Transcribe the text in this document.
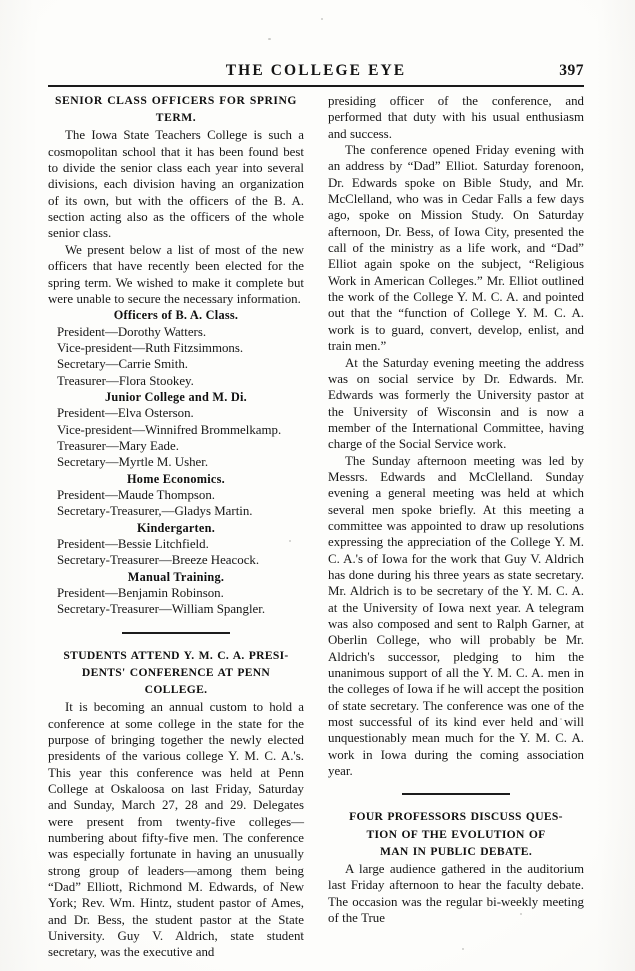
THE COLLEGE EYE	397
SENIOR CLASS OFFICERS FOR SPRING
TERM.

The Iowa State Teachers College is such a cosmopolitan school that it has been found best to divide the senior class each year into several divisions, each division having an organization of its own, but with the officers of the B. A. section acting also as the officers of the whole senior class.

We present below a list of most of the new officers that have recently been elected for the spring term. We wished to make it complete but were unable to secure the necessary information.

Officers of B. A. Class.

President—Dorothy Watters.

Vice-president—Ruth Fitzsimmons.

Secretary—Carrie Smith.

Treasurer—Flora Stookey.

Junior College and M. Di.

President—Elva Osterson.

Vice-president—Winnifred Brommelkamp.

Treasurer—Mary Eade.

Secretary—Myrtle M. Usher.

Home Economics.

President—Maude Thompson.

Secretary-Treasurer,—Gladys Martin.

Kindergarten.

President—Bessie Litchfield.

Secretary-Treasurer—Breeze Heacock.

Manual Training.

President—Benjamin Robinson.

Secretary-Treasurer—William Spangler.

STUDENTS ATTEND Y. M. C. A. PRESI-
DENTS' CONFERENCE AT PENN
COLLEGE.

It is becoming an annual custom to hold a conference at some college in the state for the purpose of bringing together the newly elected presidents of the various college Y. M. C. A.'s. This year this conference was held at Penn College at Oskaloosa on last Friday, Saturday and Sunday, March 27, 28 and 29. Delegates were present from twenty-five colleges—numbering about fifty-five men. The conference was especially fortunate in having an unusually strong group of leaders—among them being “Dad” Elliott, Richmond M. Edwards, of New York; Rev. Wm. Hintz, student pastor of Ames, and Dr. Bess, the student pastor at the State University. Guy V. Aldrich, state student secretary, was the executive and

presiding officer of the conference, and performed that duty with his usual enthusiasm and success.

The conference opened Friday evening with an address by “Dad” Elliot. Saturday forenoon, Dr. Edwards spoke on Bible Study, and Mr. McClelland, who was in Cedar Falls a few days ago, spoke on Mission Study. On Saturday afternoon, Dr. Bess, of Iowa City, presented the call of the ministry as a life work, and “Dad” Elliot again spoke on the subject, “Religious Work in American Colleges.” Mr. Elliot outlined the work of the College Y. M. C. A. and pointed out that the “function of College Y. M. C. A. work is to guard, convert, develop, enlist, and train men.”

At the Saturday evening meeting the address was on social service by Dr. Edwards. Mr. Edwards was formerly the University pastor at the University of Wisconsin and is now a member of the International Committee, having charge of the Social Service work.

The Sunday afternoon meeting was led by Messrs. Edwards and McClelland. Sunday evening a general meeting was held at which several men spoke briefly. At this meeting a committee was appointed to draw up resolutions expressing the appreciation of the College Y. M. C. A.'s of Iowa for the work that Guy V. Aldrich has done during his three years as state secretary. Mr. Aldrich is to be secretary of the Y. M. C. A. at the University of Iowa next year. A telegram was also composed and sent to Ralph Garner, at Oberlin College, who will probably be Mr. Aldrich's successor, pledging to him the unanimous support of all the Y. M. C. A. men in the colleges of Iowa if he will accept the position of state secretary. The conference was one of the most successful of its kind ever held and will unquestionably mean much for the Y. M. C. A. work in Iowa during the coming association year.

FOUR PROFESSORS DISCUSS QUES-
TION OF THE EVOLUTION OF
MAN IN PUBLIC DEBATE.

A large audience gathered in the auditorium last Friday afternoon to hear the faculty debate. The occasion was the regular bi-weekly meeting of the True
